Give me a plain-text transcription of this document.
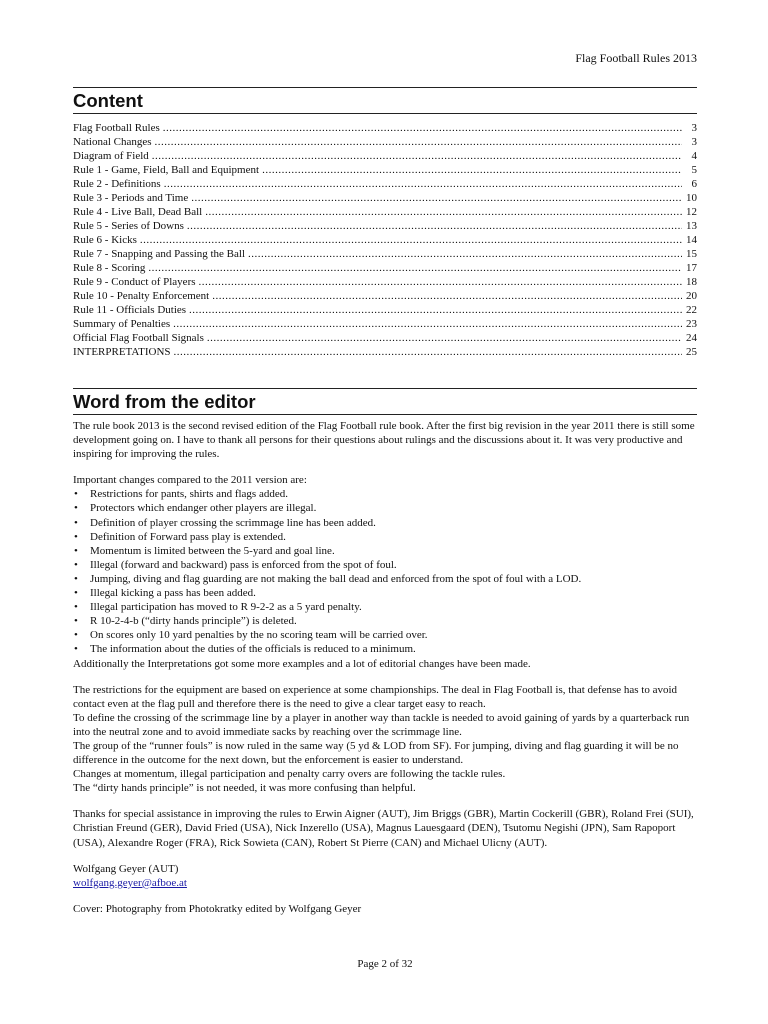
Flag Football Rules 2013
Content
Flag Football Rules .....	3
National Changes .....	3
Diagram of Field .....	4
Rule 1 - Game, Field, Ball and Equipment .....	5
Rule 2 - Definitions .....	6
Rule 3 - Periods and Time .....	10
Rule 4 - Live Ball, Dead Ball .....	12
Rule 5 - Series of Downs .....	13
Rule 6 - Kicks .....	14
Rule 7 - Snapping and Passing the Ball .....	15
Rule 8 - Scoring .....	17
Rule 9 - Conduct of Players .....	18
Rule 10 - Penalty Enforcement .....	20
Rule 11 - Officials Duties .....	22
Summary of Penalties .....	23
Official Flag Football Signals .....	24
INTERPRETATIONS .....	25
Word from the editor

The rule book 2013 is the second revised edition of the Flag Football rule book. After the first big revision in the year 2011 there is still some development going on. I have to thank all persons for their questions about rulings and the discussions about it. It was very productive and inspiring for improving the rules.

Important changes compared to the 2011 version are:

• Restrictions for pants, shirts and flags added.
• Protectors which endanger other players are illegal.
• Definition of player crossing the scrimmage line has been added.
• Definition of Forward pass play is extended.
• Momentum is limited between the 5-yard and goal line.
• Illegal (forward and backward) pass is enforced from the spot of foul.
• Jumping, diving and flag guarding are not making the ball dead and enforced from the spot of foul with a LOD.
• Illegal kicking a pass has been added.
• Illegal participation has moved to R 9-2-2 as a 5 yard penalty.
• R 10-2-4-b (“dirty hands principle”) is deleted.
• On scores only 10 yard penalties by the no scoring team will be carried over.
• The information about the duties of the officials is reduced to a minimum.

Additionally the Interpretations got some more examples and a lot of editorial changes have been made.

The restrictions for the equipment are based on experience at some championships. The deal in Flag Football is, that defense has to avoid contact even at the flag pull and therefore there is the need to give a clear target easy to reach.

To define the crossing of the scrimmage line by a player in another way than tackle is needed to avoid gaining of yards by a quarterback run into the neutral zone and to avoid immediate sacks by reaching over the scrimmage line.

The group of the “runner fouls” is now ruled in the same way (5 yd & LOD from SF). For jumping, diving and flag guarding it will be no difference in the outcome for the next down, but the enforcement is easier to understand.

Changes at momentum, illegal participation and penalty carry overs are following the tackle rules.

The “dirty hands principle” is not needed, it was more confusing than helpful.

Thanks for special assistance in improving the rules to Erwin Aigner (AUT), Jim Briggs (GBR), Martin Cockerill (GBR), Roland Frei (SUI), Christian Freund (GER), David Fried (USA), Nick Inzerello (USA), Magnus Lauesgaard (DEN), Tsutomu Negishi (JPN), Sam Rapoport (USA), Alexandre Roger (FRA), Rick Sowieta (CAN), Robert St Pierre (CAN) and Michael Ulicny (AUT).

Wolfgang Geyer (AUT)

wolfgang.geyer@afboe.at

Cover: Photography from Photokratky edited by Wolfgang Geyer

Page 2 of 32
